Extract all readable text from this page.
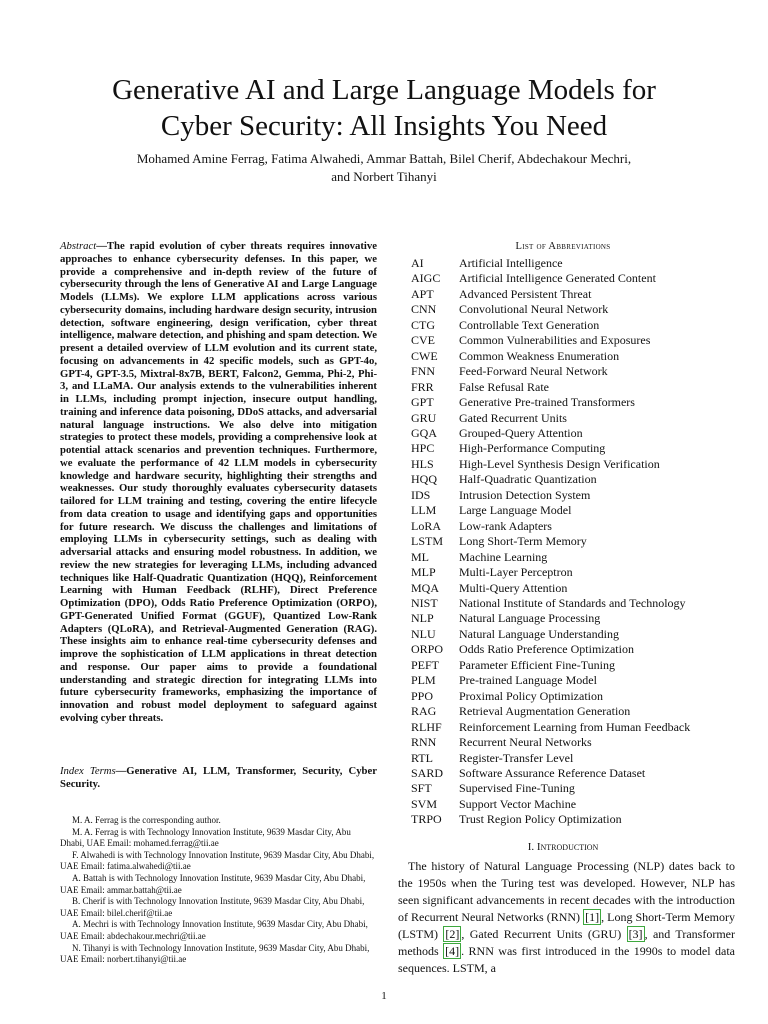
Generative AI and Large Language Models for
Cyber Security: All Insights You Need
Mohamed Amine Ferrag, Fatima Alwahedi, Ammar Battah, Bilel Cherif, Abdechakour Mechri,
and Norbert Tihanyi
Abstract—The rapid evolution of cyber threats requires innovative approaches to enhance cybersecurity defenses. In this paper, we provide a comprehensive and in-depth review of the future of cybersecurity through the lens of Generative AI and Large Language Models (LLMs). We explore LLM applications across various cybersecurity domains, including hardware design security, intrusion detection, software engineering, design verification, cyber threat intelligence, malware detection, and phishing and spam detection. We present a detailed overview of LLM evolution and its current state, focusing on advancements in 42 specific models, such as GPT-4o, GPT-4, GPT-3.5, Mixtral-8x7B, BERT, Falcon2, Gemma, Phi-2, Phi-3, and LLaMA. Our analysis extends to the vulnerabilities inherent in LLMs, including prompt injection, insecure output handling, training and inference data poisoning, DDoS attacks, and adversarial natural language instructions. We also delve into mitigation strategies to protect these models, providing a comprehensive look at potential attack scenarios and prevention techniques. Furthermore, we evaluate the performance of 42 LLM models in cybersecurity knowledge and hardware security, highlighting their strengths and weaknesses. Our study thoroughly evaluates cybersecurity datasets tailored for LLM training and testing, covering the entire lifecycle from data creation to usage and identifying gaps and opportunities for future research. We discuss the challenges and limitations of employing LLMs in cybersecurity settings, such as dealing with adversarial attacks and ensuring model robustness. In addition, we review the new strategies for leveraging LLMs, including advanced techniques like Half-Quadratic Quantization (HQQ), Reinforcement Learning with Human Feedback (RLHF), Direct Preference Optimization (DPO), Odds Ratio Preference Optimization (ORPO), GPT-Generated Unified Format (GGUF), Quantized Low-Rank Adapters (QLoRA), and Retrieval-Augmented Generation (RAG). These insights aim to enhance real-time cybersecurity defenses and improve the sophistication of LLM applications in threat detection and response. Our paper aims to provide a foundational understanding and strategic direction for integrating LLMs into future cybersecurity frameworks, emphasizing the importance of innovation and robust model deployment to safeguard against evolving cyber threats.
Index Terms—Generative AI, LLM, Transformer, Security, Cyber Security.

M. A. Ferrag is the corresponding author.

M. A. Ferrag is with Technology Innovation Institute, 9639 Masdar City, Abu Dhabi, UAE Email: mohamed.ferrag@tii.ae

F. Alwahedi is with Technology Innovation Institute, 9639 Masdar City, Abu Dhabi, UAE Email: fatima.alwahedi@tii.ae

A. Battah is with Technology Innovation Institute, 9639 Masdar City, Abu Dhabi, UAE Email: ammar.battah@tii.ae

B. Cherif is with Technology Innovation Institute, 9639 Masdar City, Abu Dhabi, UAE Email: bilel.cherif@tii.ae

A. Mechri is with Technology Innovation Institute, 9639 Masdar City, Abu Dhabi, UAE Email: abdechakour.mechri@tii.ae

N. Tihanyi is with Technology Innovation Institute, 9639 Masdar City, Abu Dhabi, UAE Email: norbert.tihanyi@tii.ae

List of Abbreviations
AI	Artificial Intelligence
AIGC	Artificial Intelligence Generated Content
APT	Advanced Persistent Threat
CNN	Convolutional Neural Network
CTG	Controllable Text Generation
CVE	Common Vulnerabilities and Exposures
CWE	Common Weakness Enumeration
FNN	Feed-Forward Neural Network
FRR	False Refusal Rate
GPT	Generative Pre-trained Transformers
GRU	Gated Recurrent Units
GQA	Grouped-Query Attention
HPC	High-Performance Computing
HLS	High-Level Synthesis Design Verification
HQQ	Half-Quadratic Quantization
IDS	Intrusion Detection System
LLM	Large Language Model
LoRA	Low-rank Adapters
LSTM	Long Short-Term Memory
ML	Machine Learning
MLP	Multi-Layer Perceptron
MQA	Multi-Query Attention
NIST	National Institute of Standards and Technology
NLP	Natural Language Processing
NLU	Natural Language Understanding
ORPO	Odds Ratio Preference Optimization
PEFT	Parameter Efficient Fine-Tuning
PLM	Pre-trained Language Model
PPO	Proximal Policy Optimization
RAG	Retrieval Augmentation Generation
RLHF	Reinforcement Learning from Human Feedback
RNN	Recurrent Neural Networks
RTL	Register-Transfer Level
SARD	Software Assurance Reference Dataset
SFT	Supervised Fine-Tuning
SVM	Support Vector Machine
TRPO	Trust Region Policy Optimization
I. Introduction
The history of Natural Language Processing (NLP) dates back to the 1950s when the Turing test was developed. However, NLP has seen significant advancements in recent decades with the introduction of Recurrent Neural Networks (RNN) [1] , Long Short-Term Memory (LSTM) [2] , Gated Recurrent Units (GRU) [3] , and Transformer methods [4] . RNN was first introduced in the 1990s to model data sequences. LSTM, a
1
